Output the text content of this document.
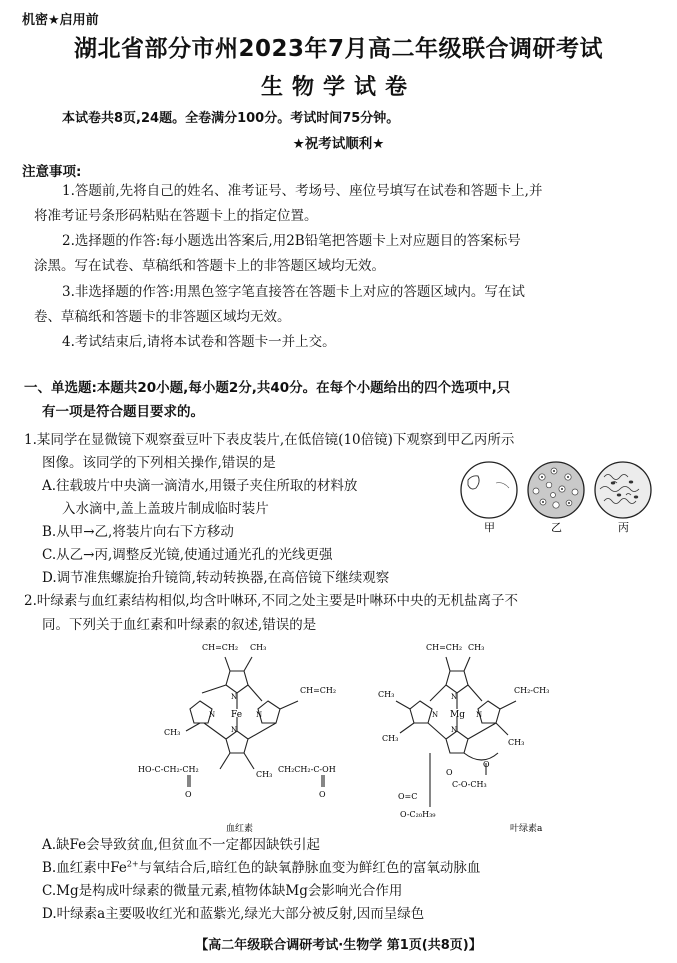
机密★启用前
湖北省部分市州2023年7月高二年级联合调研考试
生物学试卷
本试卷共8页,24题。全卷满分100分。考试时间75分钟。
★祝考试顺利★
注意事项:
1.答题前,先将自己的姓名、准考证号、考场号、座位号填写在试卷和答题卡上,并
将准考证号条形码粘贴在答题卡上的指定位置。
2.选择题的作答:每小题选出答案后,用2B铅笔把答题卡上对应题目的答案标号
涂黑。写在试卷、草稿纸和答题卡上的非答题区域均无效。
3.非选择题的作答:用黑色签字笔直接答在答题卡上对应的答题区域内。写在试
卷、草稿纸和答题卡的非答题区域均无效。
4.考试结束后,请将本试卷和答题卡一并上交。
一、单选题:本题共20小题,每小题2分,共40分。在每个小题给出的四个选项中,只
有一项是符合题目要求的。
1.某同学在显微镜下观察蚕豆叶下表皮装片,在低倍镜(10倍镜)下观察到甲乙丙所示
图像。该同学的下列相关操作,错误的是
A.往载玻片中央滴一滴清水,用镊子夹住所取的材料放
入水滴中,盖上盖玻片制成临时装片
B.从甲→乙,将装片向右下方移动
C.从乙→丙,调整反光镜,使通过通光孔的光线更强
D.调节准焦螺旋抬升镜筒,转动转换器,在高倍镜下继续观察
甲	乙	丙
2.叶绿素与血红素结构相似,均含叶啉环,不同之处主要是叶啉环中央的无机盐离子不
同。下列关于血红素和叶绿素的叙述,错误的是
CH=CH₂ CH₃
CH=CH₂
CH₃
CH₃
HO-C-CH₂-CH₂	CH₂CH₂-C-OH
O	O
N
N
N
N Fe
血红素
CH=CH₂ CH₃
CH₃	CH₂-CH₃
CH₃	CH₃
C-O-CH₃
O=C
O-C₂₀H₃₉
O
O
N
N
N
N Mg
叶绿素a
A.缺Fe会导致贫血,但贫血不一定都因缺铁引起
B.血红素中$Fe^{2+}$与氧结合后,暗红色的缺氧静脉血变为鲜红色的富氧动脉血
C.Mg是构成叶绿素的微量元素,植物体缺Mg会影响光合作用
D.叶绿素a主要吸收红光和蓝紫光,绿光大部分被反射,因而呈绿色
【高二年级联合调研考试·生物学 第1页(共8页)】
